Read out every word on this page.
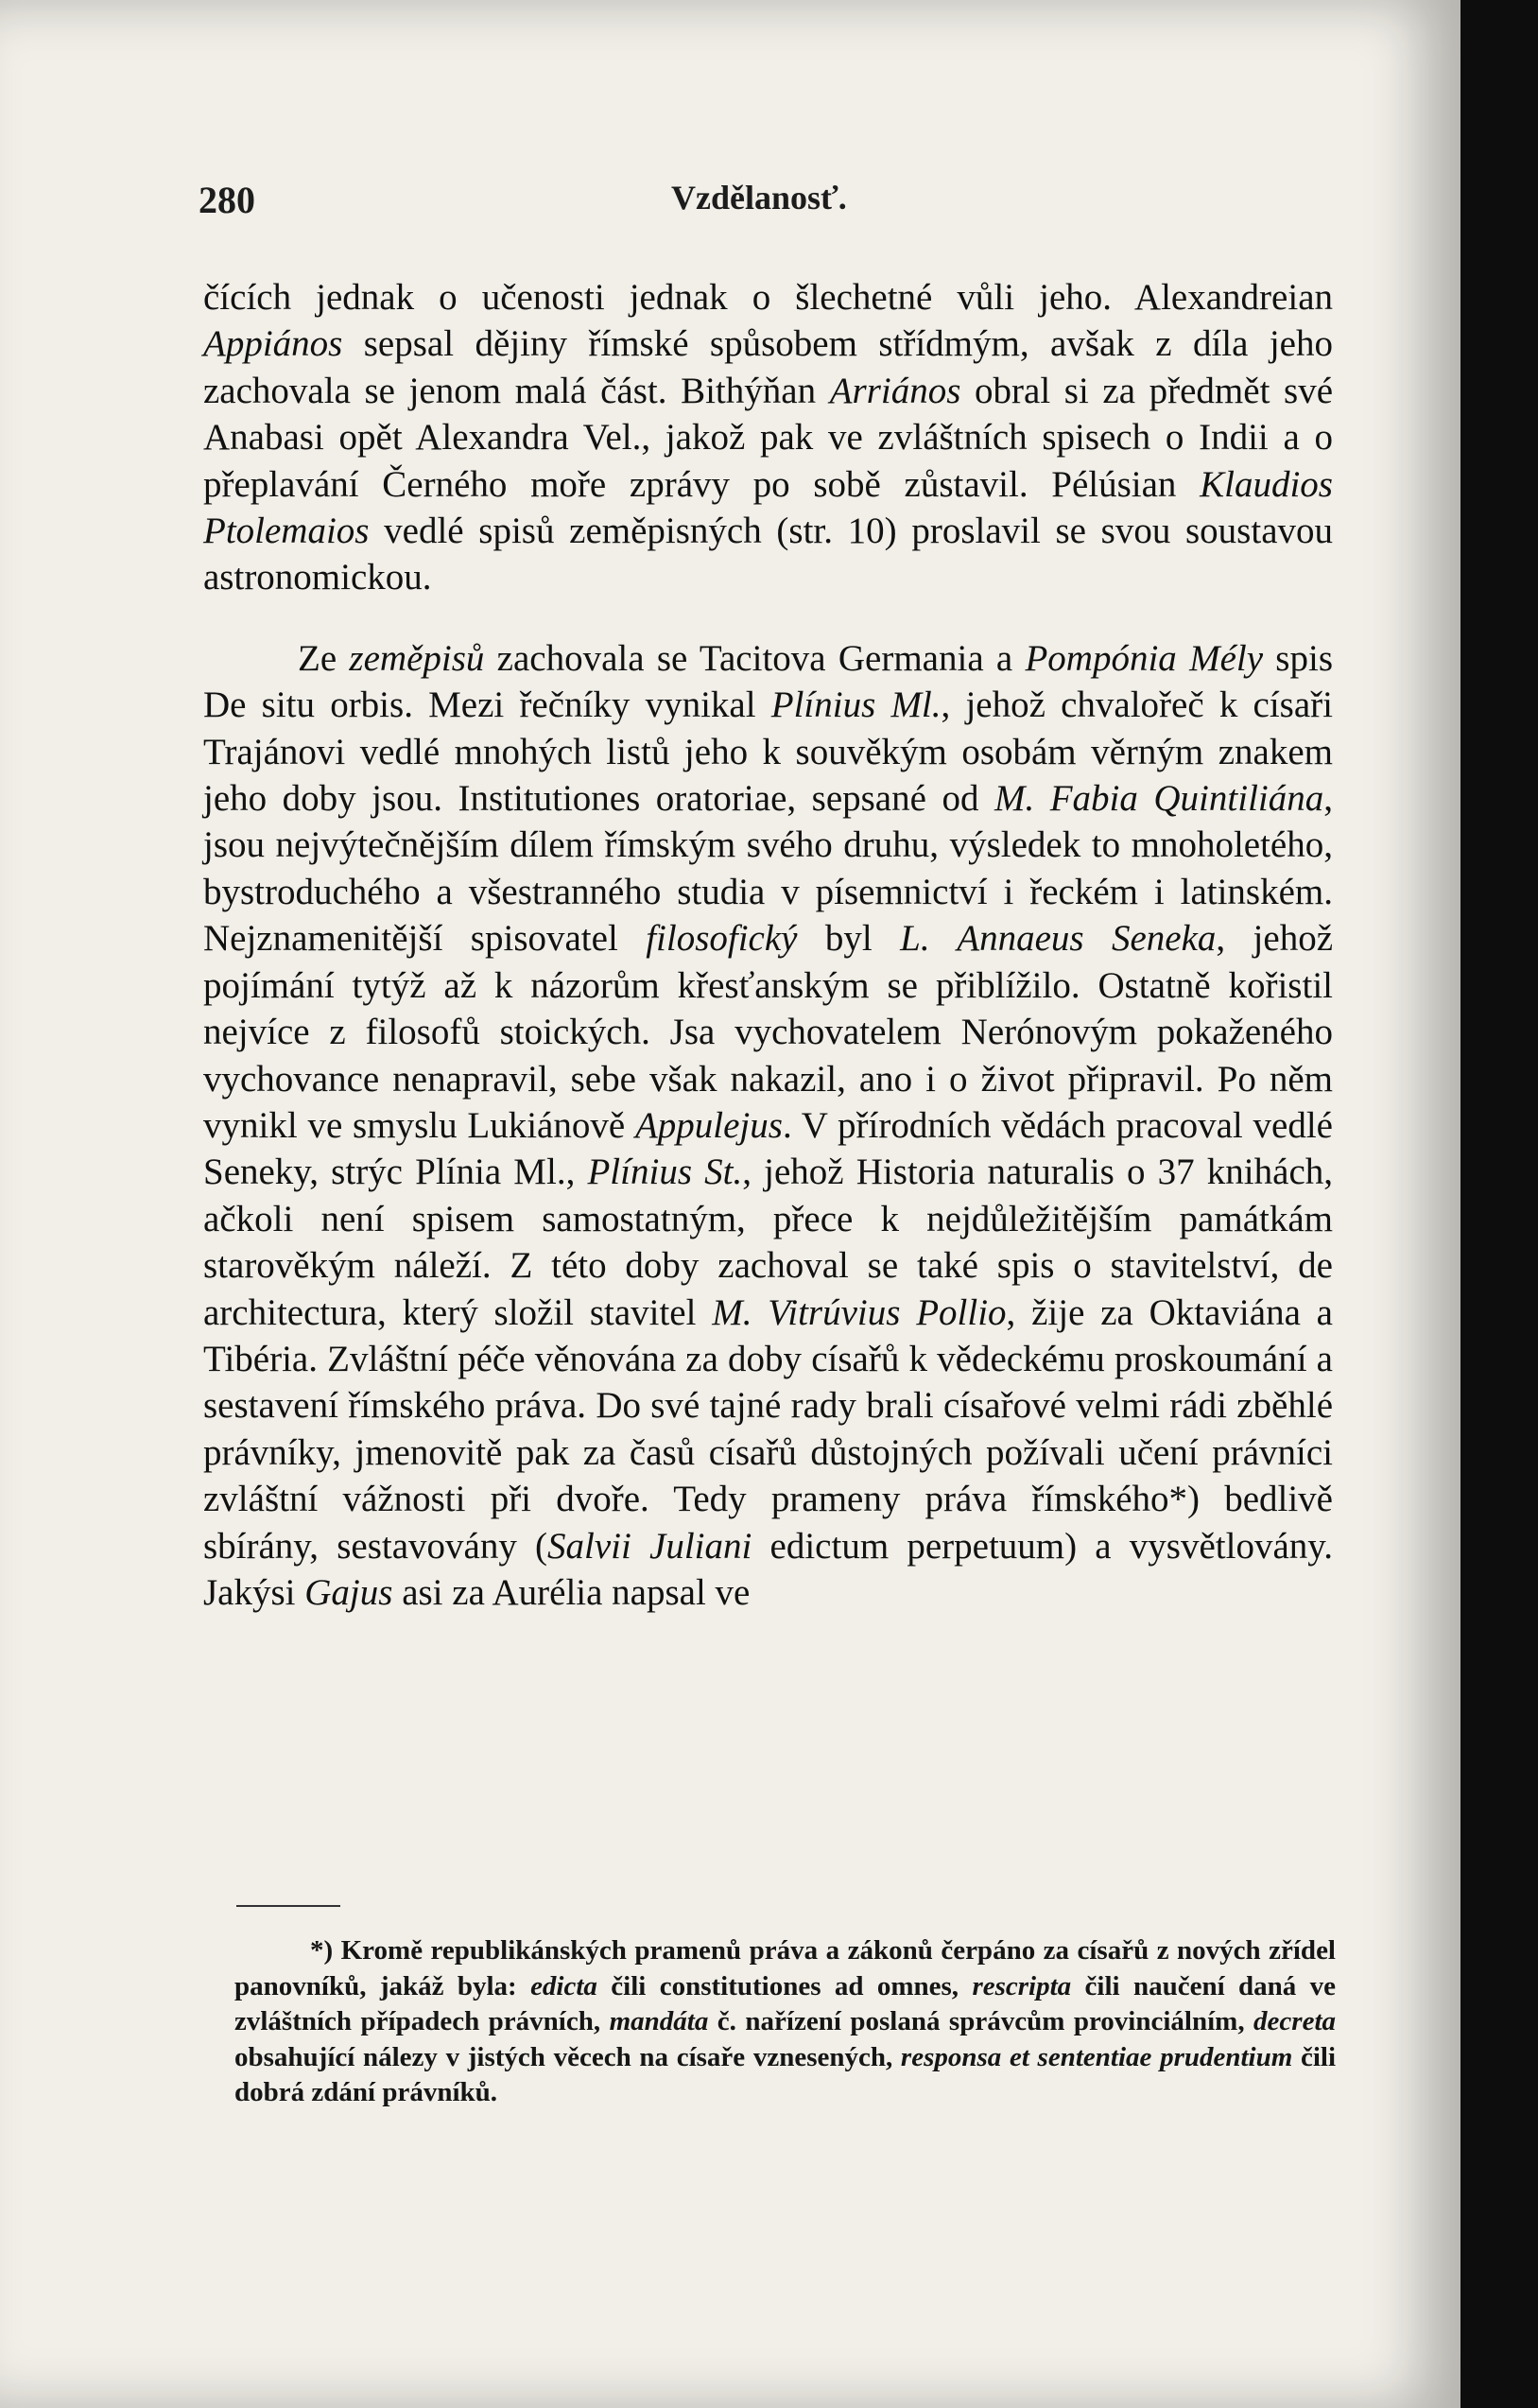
280	Vzdělanosť.

čících jednak o učenosti jednak o šlechetné vůli jeho. Alexandreian Appiános sepsal dějiny římské spůsobem střídmým, avšak z díla jeho zachovala se jenom malá část. Bithýňan Arriános obral si za předmět své Anabasi opět Alexandra Vel., jakož pak ve zvláštních spisech o Indii a o přeplavání Černého moře zprávy po sobě zůstavil. Pélúsian Klaudios Ptolemaios vedlé spisů zeměpisných (str. 10) proslavil se svou soustavou astronomickou.

Ze zeměpisů zachovala se Tacitova Germania a Pompónia Mély spis De situ orbis. Mezi řečníky vynikal Plínius Ml., jehož chvalořeč k císaři Trajánovi vedlé mnohých listů jeho k souvěkým osobám věrným znakem jeho doby jsou. Institutiones oratoriae, sepsané od M. Fabia Quintiliána, jsou nejvýtečnějším dílem římským svého druhu, výsledek to mnoholetého, bystroduchého a všestranného studia v písemnictví i řeckém i latinském. Nejznamenitější spisovatel filosofický byl L. Annaeus Seneka, jehož pojímání tytýž až k názorům křesťanským se přiblížilo. Ostatně kořistil nejvíce z filosofů stoických. Jsa vychovatelem Nerónovým pokaženého vychovance nenapravil, sebe však nakazil, ano i o život připravil. Po něm vynikl ve smyslu Lukiánově Appulejus. V přírodních vědách pracoval vedlé Seneky, strýc Plínia Ml., Plínius St., jehož Historia naturalis o 37 knihách, ačkoli není spisem samostatným, přece k nejdůležitějším památkám starověkým náleží. Z této doby zachoval se také spis o stavitelství, de architectura, který složil stavitel M. Vitrúvius Pollio, žije za Oktaviána a Tibéria. Zvláštní péče věnována za doby císařů k vědeckému proskoumání a sestavení římského práva. Do své tajné rady brali císařové velmi rádi zběhlé právníky, jmenovitě pak za časů císařů důstojných požívali učení právníci zvláštní vážnosti při dvoře. Tedy prameny práva římského*) bedlivě sbírány, sestavovány (Salvii Juliani edictum perpetuum) a vysvětlovány. Jakýsi Gajus asi za Aurélia napsal ve

*) Kromě republikánských pramenů práva a zákonů čerpáno za císařů z nových zřídel panovníků, jakáž byla: edicta čili constitutiones ad omnes, rescripta čili naučení daná ve zvláštních případech právních, mandáta č. nařízení poslaná správcům provinciálním, decreta obsahující nálezy v jistých věcech na císaře vznesených, responsa et sententiae prudentium čili dobrá zdání právníků.
